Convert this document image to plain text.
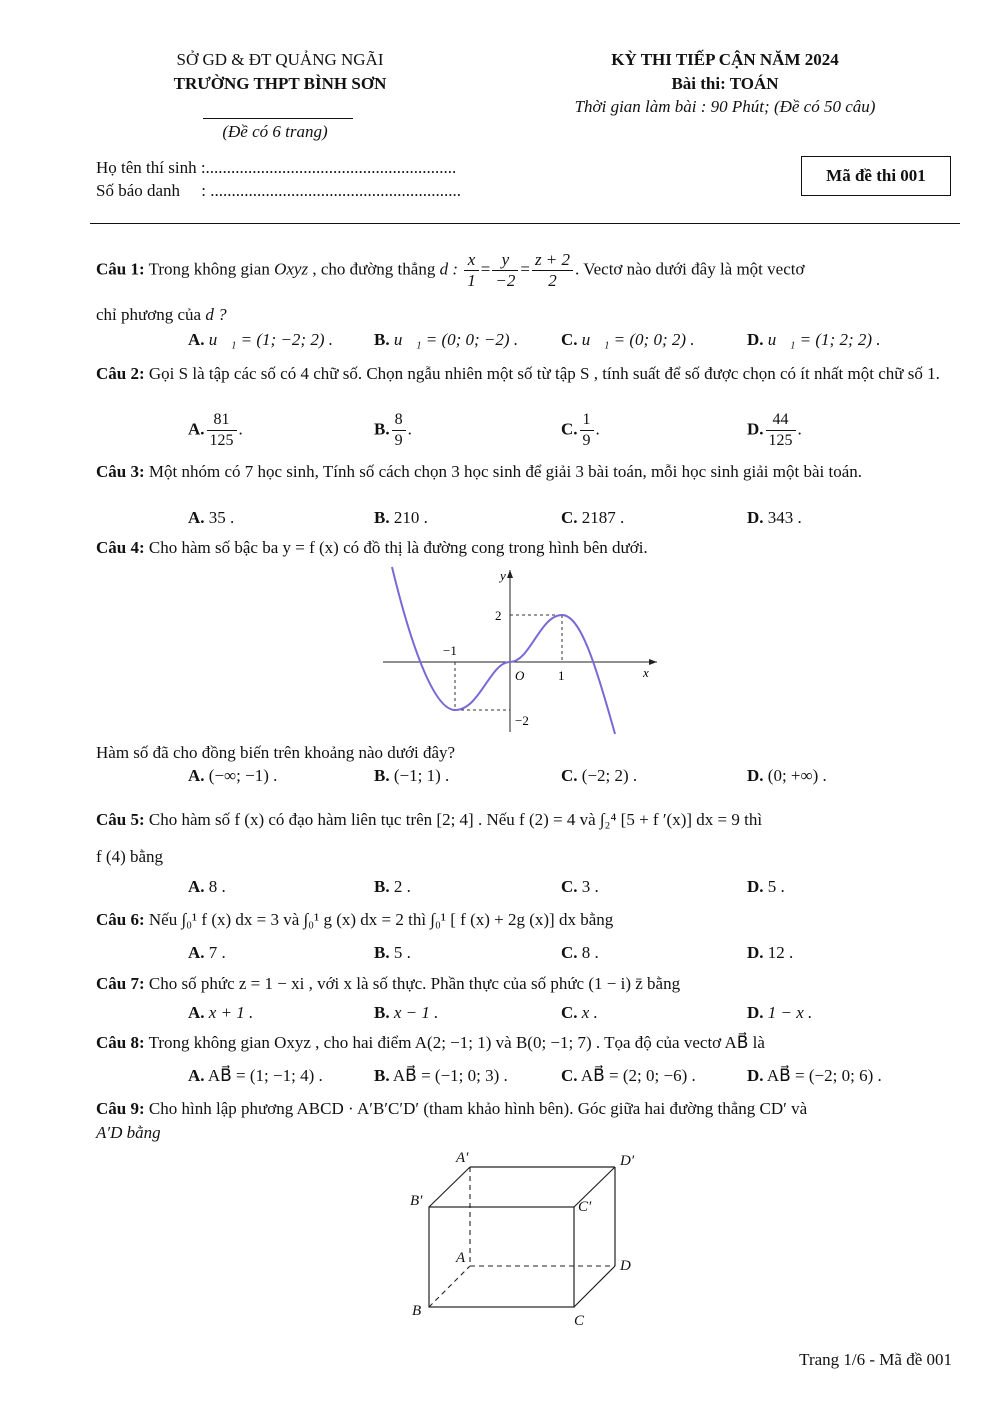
SỞ GD & ĐT QUẢNG NGÃI
TRƯỜNG THPT BÌNH SƠN
(Đề có 6 trang)
KỲ THI TIẾP CẬN NĂM 2024
Bài thi: TOÁN
Thời gian làm bài : 90 Phút; (Đề có 50 câu)
Họ tên thí sinh :...........................................................
Số báo danh     : ...........................................................
Mã đề thi 001
Câu 1: Trong không gian Oxyz , cho đường thẳng d : $\frac{x}{1} = \frac{y}{-2} = \frac{z + 2}{2}$ . Vectơ nào dưới đây là một vectơ
chỉ phương của d ?
A. u⃗₁ = (1; −2; 2) . B. u⃗₁ = (0; 0; −2) .	C. u⃗₁ = (0; 0; 2) .	D. u⃗₁ = (1; 2; 2) .
Câu 2: Gọi S là tập các số có 4 chữ số. Chọn ngẫu nhiên một số từ tập S , tính suất để số được chọn có ít nhất một chữ số 1.
A. $\frac{81}{125}$ .	B. $\frac{8}{9}$ .	C. $\frac{1}{9}$ .	D. $\frac{44}{125}$ .
Câu 3: Một nhóm có 7 học sinh, Tính số cách chọn 3 học sinh để giải 3 bài toán, mỗi học sinh giải một bài toán.
A. 35 .	B. 210 .	C. 2187 .	D. 343 .
Câu 4: Cho hàm số bậc ba y = f (x) có đồ thị là đường cong trong hình bên dưới.
y
x
O
2
−1
1
−2
Hàm số đã cho đồng biến trên khoảng nào dưới đây?
A. (−∞; −1) .	B. (−1; 1) .	C. (−2; 2) .	D. (0; +∞) .
Câu 5: Cho hàm số f (x) có đạo hàm liên tục trên [2; 4] . Nếu f (2) = 4 và ∫₂⁴ [5 + f ′(x)] dx = 9 thì
f (4) bằng
A. 8 .	B. 2 .	C. 3 .	D. 5 .
Câu 6: Nếu ∫₀¹ f (x) dx = 3 và ∫₀¹ g (x) dx = 2 thì ∫₀¹ [ f (x) + 2g (x)] dx bằng
A. 7 .	B. 5 .	C. 8 .	D. 12 .
Câu 7: Cho số phức z = 1 − xi , với x là số thực. Phần thực của số phức (1 − i) z̄ bằng
A. x + 1 .	B. x − 1 .	C. x .	D. 1 − x .
Câu 8: Trong không gian Oxyz , cho hai điểm A(2; −1; 1) và B(0; −1; 7) . Tọa độ của vectơ AB⃗ là
A. AB⃗ = (1; −1; 4) .	B. AB⃗ = (−1; 0; 3) .	C. AB⃗ = (2; 0; −6) .	D. AB⃗ = (−2; 0; 6) .
Câu 9: Cho hình lập phương ABCD · A′B′C′D′ (tham khảo hình bên). Góc giữa hai đường thẳng CD′ và
A′D bằng
A′	D′
B′	C′
A	D
B
C
Trang 1/6 - Mã đề 001
